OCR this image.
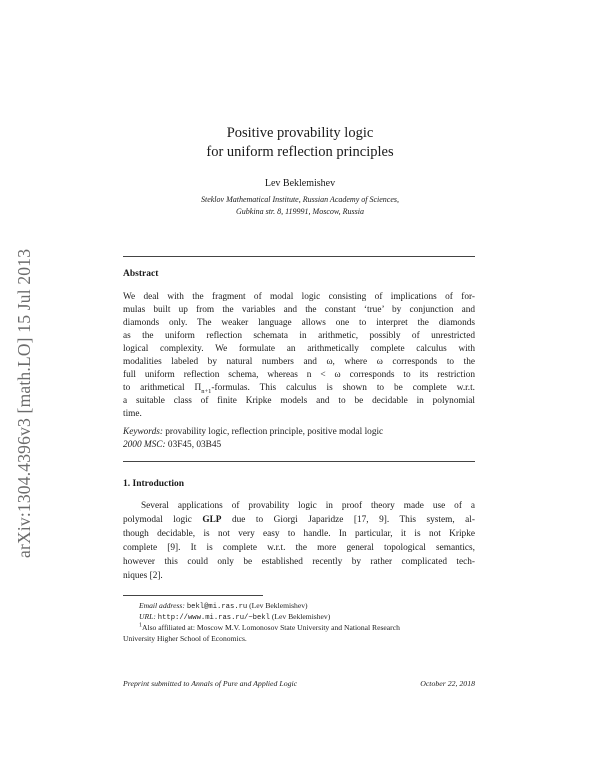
arXiv:1304.4396v3 [math.LO] 15 Jul 2013
Positive provability logic
for uniform reflection principles
Lev Beklemishev
Steklov Mathematical Institute, Russian Academy of Sciences,
Gubkina str. 8, 119991, Moscow, Russia
Abstract
We deal with the fragment of modal logic consisting of implications of for-
mulas built up from the variables and the constant ‘true’ by conjunction and
diamonds only. The weaker language allows one to interpret the diamonds
as the uniform reflection schemata in arithmetic, possibly of unrestricted
logical complexity. We formulate an arithmetically complete calculus with
modalities labeled by natural numbers and ω, where ω corresponds to the
full uniform reflection schema, whereas n < ω corresponds to its restriction
to arithmetical $\Pi_{n+1}$-formulas. This calculus is shown to be complete w.r.t.
a suitable class of finite Kripke models and to be decidable in polynomial
time.
Keywords: provability logic, reflection principle, positive modal logic
2000 MSC: 03F45, 03B45
1. Introduction
Several applications of provability logic in proof theory made use of a
polymodal logic GLP due to Giorgi Japaridze [17, 9]. This system, al-
though decidable, is not very easy to handle. In particular, it is not Kripke
complete [9]. It is complete w.r.t. the more general topological semantics,
however this could only be established recently by rather complicated tech-
niques [2].
Email address: bekl@mi.ras.ru (Lev Beklemishev)
URL: http://www.mi.ras.ru/~bekl (Lev Beklemishev)
$^1$Also affiliated at: Moscow M.V. Lomonosov State University and National Research
University Higher School of Economics.
Preprint submitted to Annals of Pure and Applied Logic	October 22, 2018
